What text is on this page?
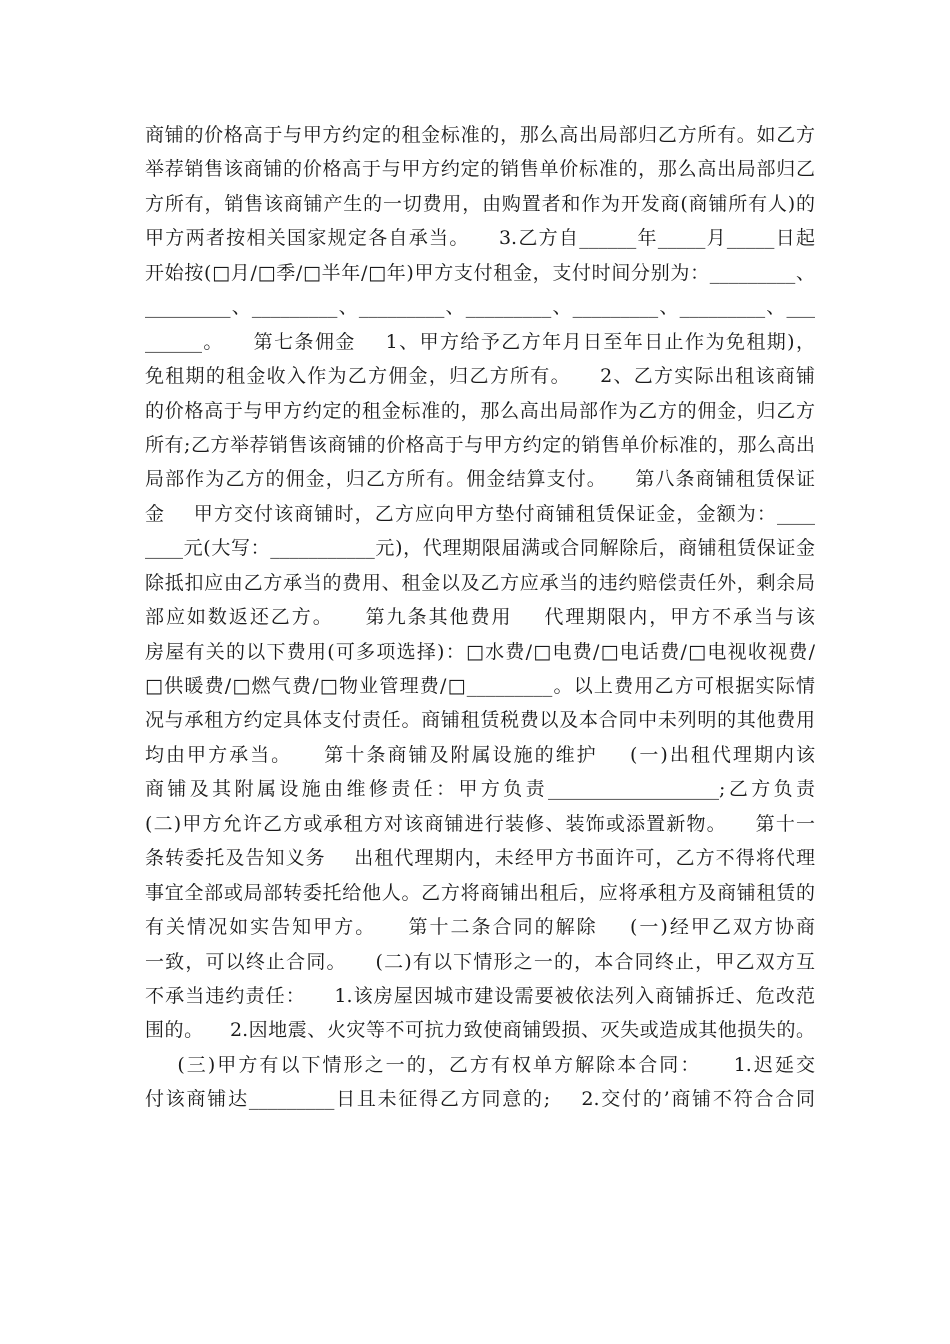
商铺的价格高于与甲方约定的租金标准的，那么高出局部归乙方所有。如乙方
举荐销售该商铺的价格高于与甲方约定的销售单价标准的，那么高出局部归乙
方所有，销售该商铺产生的一切费用，由购置者和作为开发商(商铺所有人)的
甲方两者按相关国家规定各自承当。    3.乙方自______年_____月_____日起
开始按(□月/□季/□半年/□年)甲方支付租金，支付时间分别为：_________、
_________、_________、_________、_________、_________、_________、___
______。    第七条佣金    1、甲方给予乙方年月日至年日止作为免租期)，
免租期的租金收入作为乙方佣金，归乙方所有。    2、乙方实际出租该商铺
的价格高于与甲方约定的租金标准的，那么高出局部作为乙方的佣金，归乙方
所有;乙方举荐销售该商铺的价格高于与甲方约定的销售单价标准的，那么高出
局部作为乙方的佣金，归乙方所有。佣金结算支付。    第八条商铺租赁保证
金    甲方交付该商铺时，乙方应向甲方垫付商铺租赁保证金，金额为：____
____元(大写：___________元)，代理期限届满或合同解除后，商铺租赁保证金
除抵扣应由乙方承当的费用、租金以及乙方应承当的违约赔偿责任外，剩余局
部应如数返还乙方。    第九条其他费用    代理期限内，甲方不承当与该
房屋有关的以下费用(可多项选择)：□水费/□电费/□电话费/□电视收视费/
□供暖费/□燃气费/□物业管理费/□_________。以上费用乙方可根据实际情
况与承租方约定具体支付责任。商铺租赁税费以及本合同中未列明的其他费用
均由甲方承当。    第十条商铺及附属设施的维护    (一)出租代理期内该
商铺及其附属设施由维修责任：甲方负责__________________;乙方负责
(二)甲方允许乙方或承租方对该商铺进行装修、装饰或添置新物。    第十一
条转委托及告知义务    出租代理期内，未经甲方书面许可，乙方不得将代理
事宜全部或局部转委托给他人。乙方将商铺出租后，应将承租方及商铺租赁的
有关情况如实告知甲方。    第十二条合同的解除    (一)经甲乙双方协商
一致，可以终止合同。    (二)有以下情形之一的，本合同终止，甲乙双方互
不承当违约责任：    1.该房屋因城市建设需要被依法列入商铺拆迁、危改范
围的。    2.因地震、火灾等不可抗力致使商铺毁损、灭失或造成其他损失的。
(三)甲方有以下情形之一的，乙方有权单方解除本合同：    1.迟延交
付该商铺达_________日且未征得乙方同意的;    2.交付的’商铺不符合合同
